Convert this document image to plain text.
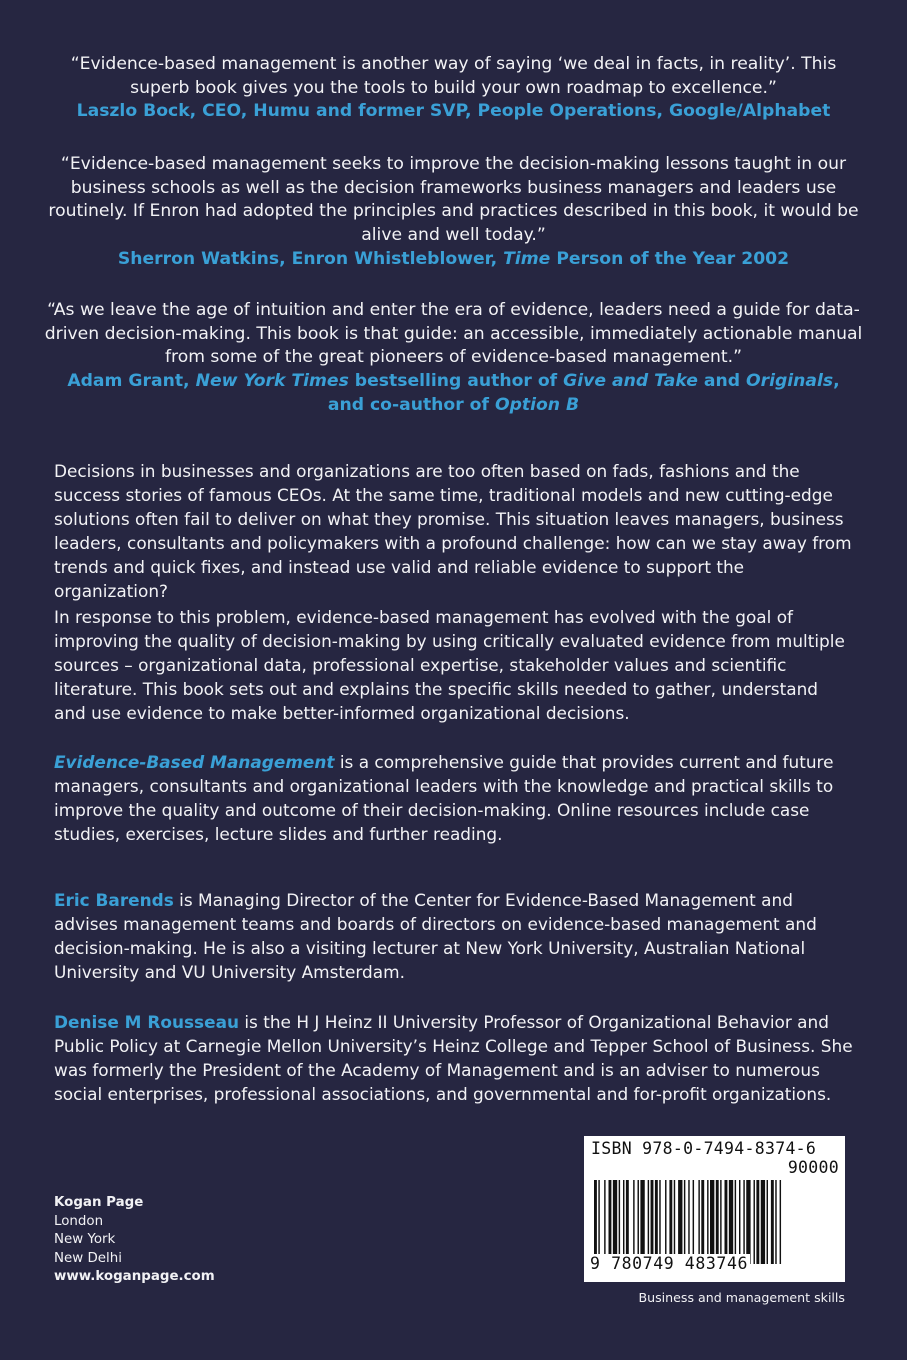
“Evidence-based management is another way of saying ‘we deal in facts, in reality’. This superb book gives you the tools to build your own roadmap to excellence.”
Laszlo Bock, CEO, Humu and former SVP, People Operations, Google/Alphabet
“Evidence-based management seeks to improve the decision-making lessons taught in our business schools as well as the decision frameworks business managers and leaders use routinely. If Enron had adopted the principles and practices described in this book, it would be alive and well today.”
Sherron Watkins, Enron Whistleblower, Time Person of the Year 2002
“As we leave the age of intuition and enter the era of evidence, leaders need a guide for data-driven decision-making. This book is that guide: an accessible, immediately actionable manual from some of the great pioneers of evidence-based management.”
Adam Grant, New York Times bestselling author of Give and Take and Originals,
and co-author of Option B

Decisions in businesses and organizations are too often based on fads, fashions and the success stories of famous CEOs. At the same time, traditional models and new cutting-edge solutions often fail to deliver on what they promise. This situation leaves managers, business leaders, consultants and policymakers with a profound challenge: how can we stay away from trends and quick fixes, and instead use valid and reliable evidence to support the organization?

In response to this problem, evidence-based management has evolved with the goal of improving the quality of decision-making by using critically evaluated evidence from multiple sources – organizational data, professional expertise, stakeholder values and scientific literature. This book sets out and explains the specific skills needed to gather, understand and use evidence to make better-informed organizational decisions.

Evidence-Based Management is a comprehensive guide that provides current and future managers, consultants and organizational leaders with the knowledge and practical skills to improve the quality and outcome of their decision-making. Online resources include case studies, exercises, lecture slides and further reading.

Eric Barends is Managing Director of the Center for Evidence-Based Management and advises management teams and boards of directors on evidence-based management and decision-making. He is also a visiting lecturer at New York University, Australian National University and VU University Amsterdam.

Denise M Rousseau is the H J Heinz II University Professor of Organizational Behavior and Public Policy at Carnegie Mellon University’s Heinz College and Tepper School of Business. She was formerly the President of the Academy of Management and is an adviser to numerous social enterprises, professional associations, and governmental and for-profit organizations.

Kogan Page
London
New York
New Delhi
www.koganpage.com
ISBN 978-0-7494-8374-6
90000
9 780749 483746
Business and management skills
